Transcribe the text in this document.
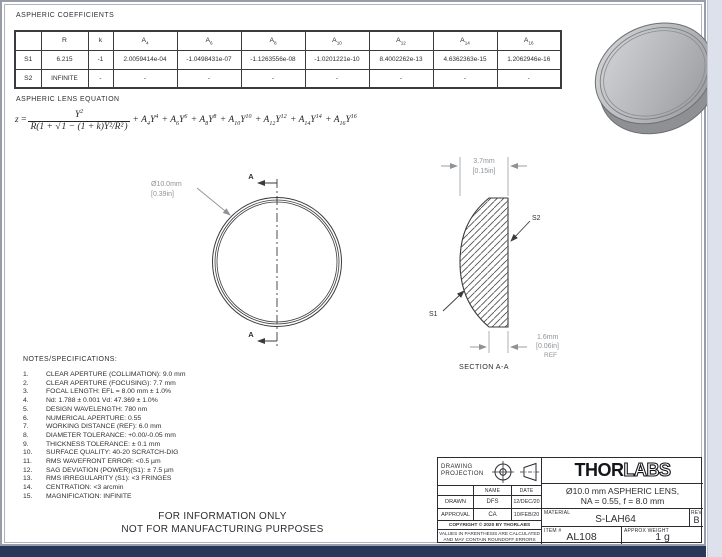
ASPHERIC COEFFICIENTS
	R	k	$A_4$	$A_6$	$A_8$	$A_{10}$	$A_{12}$	$A_{14}$	$A_{16}$
S1	6.215	-1	2.0059414e-04	-1.0498431e-07	-1.1263556e-08	-1.0201221e-10	8.4002262e-13	4.6362363e-15	1.2062946e-16
S2	INFINITE	-	-	-	-	-	-	-	-
ASPHERIC LENS EQUATION
z
= $\frac{Y^2}{\text{R(1 + √1 − (1 + k)Y²/R²)}} + A_4Y^4 + A_6Y^6 + A_8Y^8 + A_{10}Y^{10} + A_{12}Y^{12} + A_{14}Y^{14} + A_{16}Y^{16}$
A
A
Ø10.0mm
[0.39in]
3.7mm
[0.15in]
1.6mm
[0.06in]
REF
S2
S1
SECTION A-A
NOTES/SPECIFICATIONS:
1.	CLEAR APERTURE (COLLIMATION): 9.0 mm
2.	CLEAR APERTURE (FOCUSING): 7.7 mm
3.	FOCAL LENGTH: EFL = 8.00 mm ± 1.0%
4.	Nd: 1.788 ± 0.001 Vd: 47.369 ± 1.0%
5.	DESIGN WAVELENGTH: 780 nm
6.	NUMERICAL APERTURE: 0.55
7.	WORKING DISTANCE (REF): 6.0 mm
8.	DIAMETER TOLERANCE: +0.00/-0.05 mm
9.	THICKNESS TOLERANCE: ± 0.1 mm
10.	SURFACE QUALITY: 40-20 SCRATCH-DIG
11.	RMS WAVEFRONT ERROR: <0.5 µm
12.	SAG DEVIATION (POWER)(S1): ± 7.5 µm
13.	RMS IRREGULARITY (S1): <3 FRINGES
14.	CENTRATION: <3 arcmin
15.	MAGNIFICATION: INFINITE
FOR INFORMATION ONLY
NOT FOR MANUFACTURING PURPOSES
DRAWING
PROJECTION
NAME	DATE
DRAWN	DFS	12/DEC/20
APPROVAL	CA	10/FEB/20
COPYRIGHT © 2020 BY THORLABS
VALUES IN PARENTHESIS ARE CALCULATED
AND MAY CONTAIN ROUNDOFF ERRORS
THORLABS
Ø10.0 mm ASPHERIC LENS,
NA = 0.55, f = 8.0 mm
MATERIAL
S-LAH64
REV
B
ITEM # AL108	APPROX WEIGHT
1 g
